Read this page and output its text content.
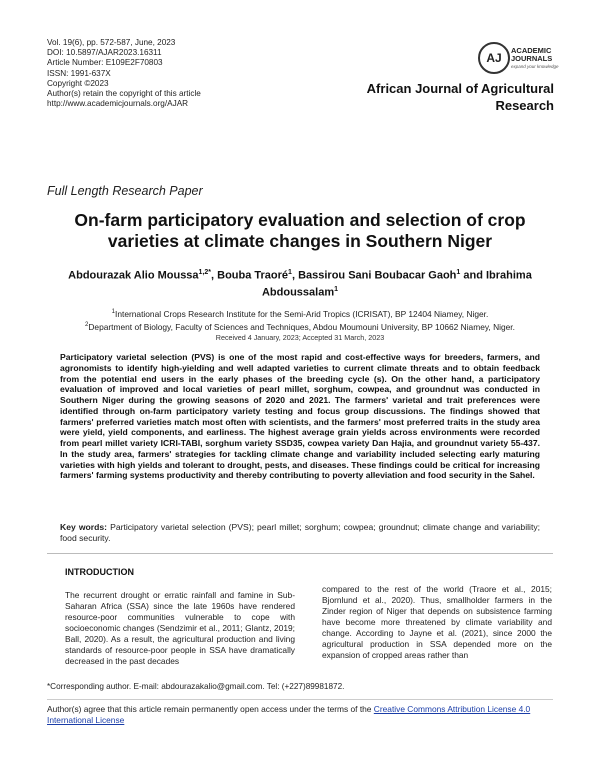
Vol. 19(6), pp. 572-587, June, 2023
DOI: 10.5897/AJAR2023.16311
Article Number: E109E2F70803
ISSN: 1991-637X
Copyright ©2023
Author(s) retain the copyright of this article
http://www.academicjournals.org/AJAR
AJ
ACADEMIC
JOURNALS
expand your knowledge
African Journal of Agricultural Research
Full Length Research Paper
On-farm participatory evaluation and selection of crop varieties at climate changes in Southern Niger
Abdourazak Alio Moussa$^{1,2*}$, Bouba Traoré$^1$, Bassirou Sani Boubacar Gaoh$^1$ and Ibrahima Abdoussalam$^1$
$^1$International Crops Research Institute for the Semi-Arid Tropics (ICRISAT), BP 12404 Niamey, Niger.
$^2$Department of Biology, Faculty of Sciences and Techniques, Abdou Moumouni University, BP 10662 Niamey, Niger.
Received 4 January, 2023; Accepted 31 March, 2023
Participatory varietal selection (PVS) is one of the most rapid and cost-effective ways for breeders, farmers, and agronomists to identify high-yielding and well adapted varieties to current climate threats and to obtain feedback from the potential end users in the early phases of the breeding cycle (s). On the other hand, a participatory evaluation of improved and local varieties of pearl millet, sorghum, cowpea, and groundnut was conducted in Southern Niger during the growing seasons of 2020 and 2021. The farmers' varietal and trait preferences were identified through on-farm participatory variety testing and focus group discussions. The findings showed that farmers' preferred varieties match most often with scientists, and the farmers' most preferred traits in the study area were yield, yield components, and earliness. The highest average grain yields across environments were recorded from pearl millet variety ICRI-TABI, sorghum variety SSD35, cowpea variety Dan Hajia, and groundnut variety 55-437. In the study area, farmers' strategies for tackling climate change and variability included selecting early maturing varieties with high yields and tolerant to drought, pests, and diseases. These findings could be critical for increasing farmers' farming systems productivity and thereby contributing to poverty alleviation and food security in the Sahel.
Key words: Participatory varietal selection (PVS); pearl millet; sorghum; cowpea; groundnut; climate change and variability; food security.
INTRODUCTION
The recurrent drought or erratic rainfall and famine in Sub-Saharan Africa (SSA) since the late 1960s have rendered resource-poor communities vulnerable to cope with socioeconomic changes (Sendzimir et al., 2011; Glantz, 2019; Ball, 2020). As a result, the agricultural production and living standards of resource-poor people in SSA have dramatically decreased in the past decades
compared to the rest of the world (Traore et al., 2015; Bjornlund et al., 2020). Thus, smallholder farmers in the Zinder region of Niger that depends on subsistence farming have become more threatened by climate variability and change. According to Jayne et al. (2021), since 2000 the agricultural production in SSA depended more on the expansion of cropped areas rather than
*Corresponding author. E-mail: abdourazakalio@gmail.com. Tel: (+227)89981872.
Author(s) agree that this article remain permanently open access under the terms of the Creative Commons Attribution License 4.0 International License
